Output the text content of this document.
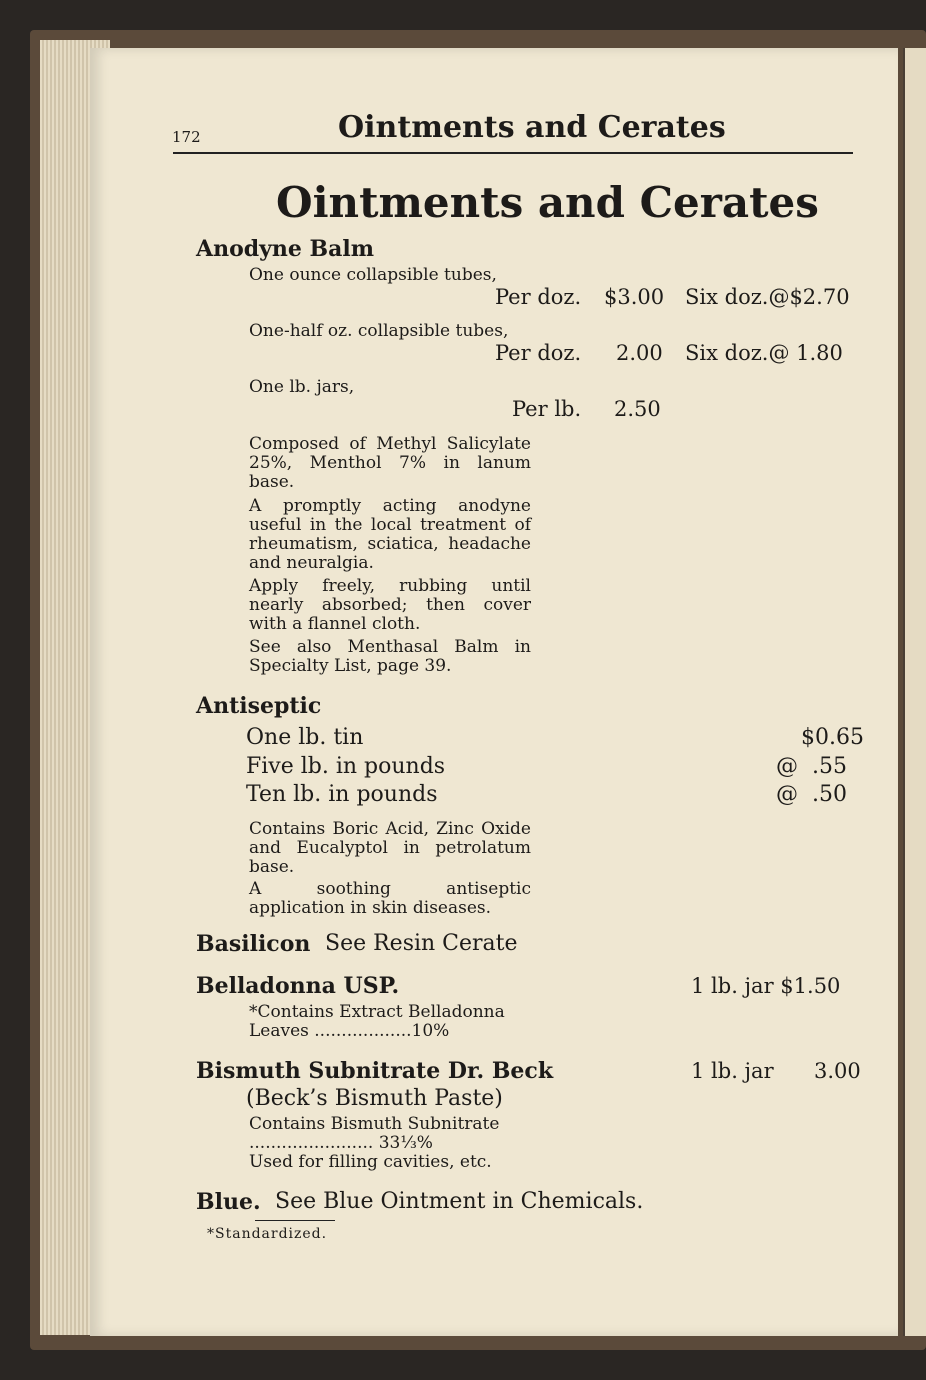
172	Ointments and Cerates
Ointments and Cerates
Anodyne Balm
One ounce collapsible tubes,
Per doz. $3.00 Six doz.@$2.70
One-half oz. collapsible tubes,
Per doz. 2.00 Six doz.@ 1.80
One lb. jars,
Per lb. 2.50
Composed of Methyl Salicylate 25%, Menthol 7% in lanum base.
A promptly acting anodyne useful in the local treatment of rheumatism, sciatica, headache and neuralgia.
Apply freely, rubbing until nearly absorbed; then cover with a flannel cloth.
See also Menthasal Balm in Specialty List, page 39.
Antiseptic
One lb. tin	$0.65
Five lb. in pounds	@  .55
Ten lb. in pounds	@  .50
Contains Boric Acid, Zinc Oxide and Eucalyptol in petrolatum base.
A soothing antiseptic application in skin diseases.
Basilicon See Resin Cerate
Belladonna USP.	1 lb. jar $1.50
*Contains Extract Belladonna
Leaves ..................10%
Bismuth Subnitrate Dr. Beck	1 lb. jar 3.00
(Beck’s Bismuth Paste)
Contains Bismuth Subnitrate
....................... 33⅓%
Used for filling cavities, etc.
Blue. See Blue Ointment in Chemicals.
*Standardized.
